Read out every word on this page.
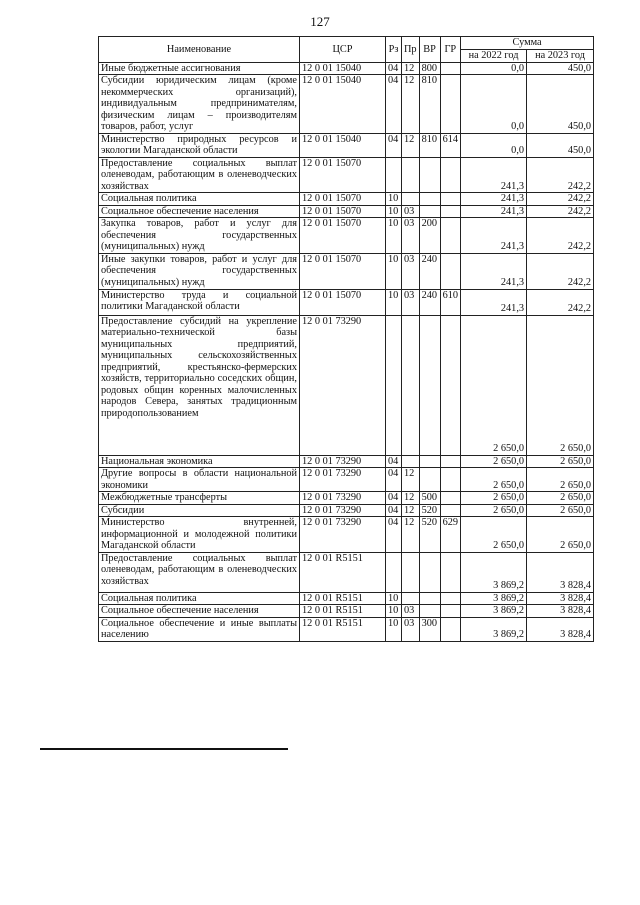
127
Наименование	ЦСР	Рз	Пр	ВР	ГР	Сумма	
						на 2022 год	на 2023 год
Иные бюджетные ассигнования	12 0 01 15040	04	12	800		0,0	450,0
Субсидии юридическим лицам (кроме некоммерческих организаций), индивидуальным предпринимателям, физическим лицам – производителям товаров, работ, услуг	12 0 01 15040	04	12	810		0,0	450,0
Министерство природных ресурсов и экологии Магаданской области	12 0 01 15040	04	12	810	614	0,0	450,0
Предоставление социальных выплат оленеводам, работающим в оленеводческих хозяйствах	12 0 01 15070					241,3	242,2
Социальная политика	12 0 01 15070	10				241,3	242,2
Социальное обеспечение населения	12 0 01 15070	10	03			241,3	242,2
Закупка товаров, работ и услуг для обеспечения государственных (муниципальных) нужд	12 0 01 15070	10	03	200		241,3	242,2
Иные закупки товаров, работ и услуг для обеспечения государственных (муниципальных) нужд	12 0 01 15070	10	03	240		241,3	242,2
Министерство труда и социальной политики Магаданской области	12 0 01 15070	10	03	240	610	241,3	242,2
Предоставление субсидий на укрепление материально-технической базы муниципальных предприятий, муниципальных сельскохозяйственных предприятий, крестьянско-фермерских хозяйств, территориально соседских общин, родовых общин коренных малочисленных народов Севера, занятых традиционным природопользованием	12 0 01 73290					2 650,0	2 650,0
Национальная экономика	12 0 01 73290	04				2 650,0	2 650,0
Другие вопросы в области национальной экономики	12 0 01 73290	04	12			2 650,0	2 650,0
Межбюджетные трансферты	12 0 01 73290	04	12	500		2 650,0	2 650,0
Субсидии	12 0 01 73290	04	12	520		2 650,0	2 650,0
Министерство внутренней, информационной и молодежной политики Магаданской области	12 0 01 73290	04	12	520	629	2 650,0	2 650,0
Предоставление социальных выплат оленеводам, работающим в оленеводческих хозяйствах	12 0 01 R5151					3 869,2	3 828,4
Социальная политика	12 0 01 R5151	10				3 869,2	3 828,4
Социальное обеспечение населения	12 0 01 R5151	10	03			3 869,2	3 828,4
Социальное обеспечение и иные выплаты населению	12 0 01 R5151	10	03	300		3 869,2	3 828,4
